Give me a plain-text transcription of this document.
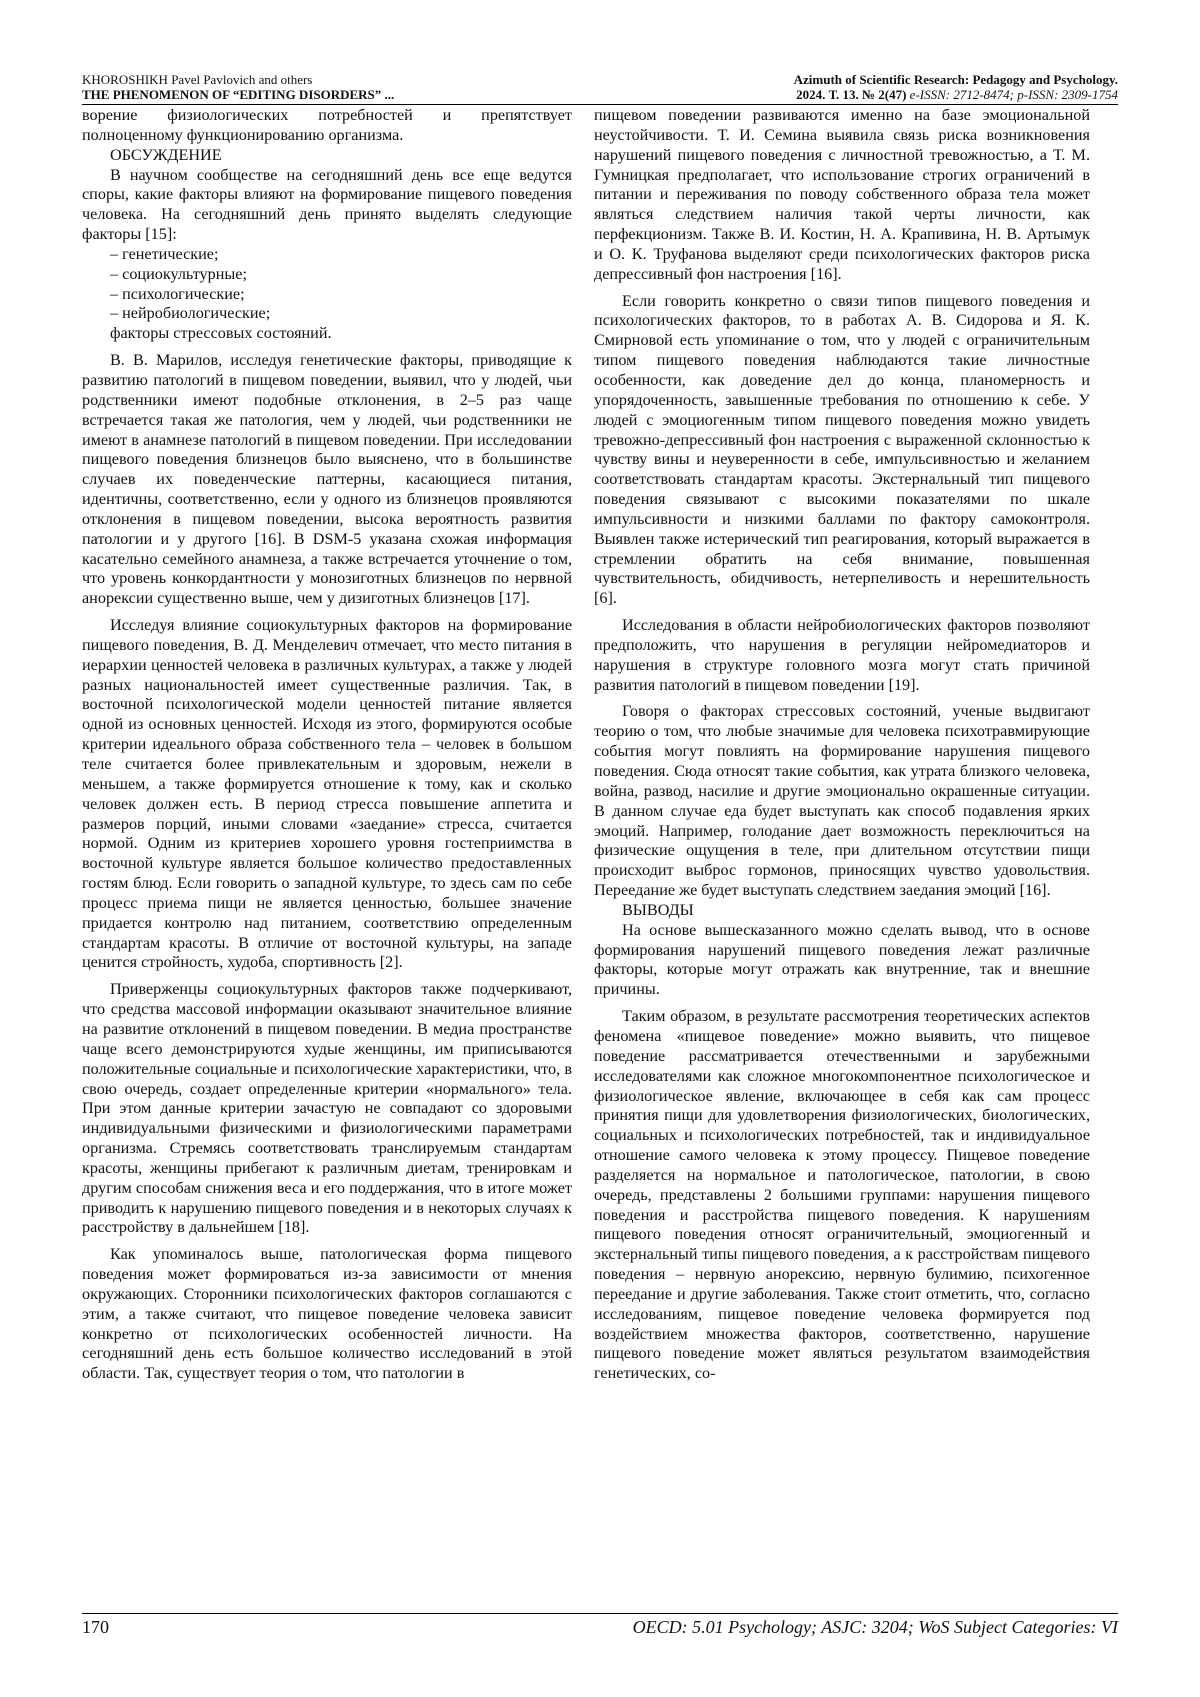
KHOROSHIKH Pavel Pavlovich and others
THE PHENOMENON OF “EDITING DISORDERS” ...
Azimuth of Scientific Research: Pedagogy and Psychology.
2024. Т. 13. № 2(47) e-ISSN: 2712-8474; p-ISSN: 2309-1754

ворение физиологических потребностей и препятствует полноценному функционированию организма.

ОБСУЖДЕНИЕ

В научном сообществе на сегодняшний день все еще ведутся споры, какие факторы влияют на формирование пищевого поведения человека. На сегодняшний день принято выделять следующие факторы [15]:

– генетические;

– социокультурные;

– психологические;

– нейробиологические;

факторы стрессовых состояний.

В. В. Марилов, исследуя генетические факторы, приводящие к развитию патологий в пищевом поведении, выявил, что у людей, чьи родственники имеют подобные отклонения, в 2–5 раз чаще встречается такая же патология, чем у людей, чьи родственники не имеют в анамнезе патологий в пищевом поведении. При исследовании пищевого поведения близнецов было выяснено, что в большинстве случаев их поведенческие паттерны, касающиеся питания, идентичны, соответственно, если у одного из близнецов проявляются отклонения в пищевом поведении, высока вероятность развития патологии и у другого [16]. В DSM-5 указана схожая информация касательно семейного анамнеза, а также встречается уточнение о том, что уровень конкордантности у монозиготных близнецов по нервной анорексии существенно выше, чем у дизиготных близнецов [17].

Исследуя влияние социокультурных факторов на формирование пищевого поведения, В. Д. Менделевич отмечает, что место питания в иерархии ценностей человека в различных культурах, а также у людей разных национальностей имеет существенные различия. Так, в восточной психологической модели ценностей питание является одной из основных ценностей. Исходя из этого, формируются особые критерии идеального образа собственного тела – человек в большом теле считается более привлекательным и здоровым, нежели в меньшем, а также формируется отношение к тому, как и сколько человек должен есть. В период стресса повышение аппетита и размеров порций, иными словами «заедание» стресса, считается нормой. Одним из критериев хорошего уровня гостеприимства в восточной культуре является большое количество предоставленных гостям блюд. Если говорить о западной культуре, то здесь сам по себе процесс приема пищи не является ценностью, большее значение придается контролю над питанием, соответствию определенным стандартам красоты. В отличие от восточной культуры, на западе ценится стройность, худоба, спортивность [2].

Приверженцы социокультурных факторов также подчеркивают, что средства массовой информации оказывают значительное влияние на развитие отклонений в пищевом поведении. В медиа пространстве чаще всего демонстрируются худые женщины, им приписываются положительные социальные и психологические характеристики, что, в свою очередь, создает определенные критерии «нормального» тела. При этом данные критерии зачастую не совпадают со здоровыми индивидуальными физическими и физиологическими параметрами организма. Стремясь соответствовать транслируемым стандартам красоты, женщины прибегают к различным диетам, тренировкам и другим способам снижения веса и его поддержания, что в итоге может приводить к нарушению пищевого поведения и в некоторых случаях к расстройству в дальнейшем [18].

Как упоминалось выше, патологическая форма пищевого поведения может формироваться из-за зависимости от мнения окружающих. Сторонники психологических факторов соглашаются с этим, а также считают, что пищевое поведение человека зависит конкретно от психологических особенностей личности. На сегодняшний день есть большое количество исследований в этой области. Так, существует теория о том, что патологии в

пищевом поведении развиваются именно на базе эмоциональной неустойчивости. Т. И. Семина выявила связь риска возникновения нарушений пищевого поведения с личностной тревожностью, а Т. М. Гумницкая предполагает, что использование строгих ограничений в питании и переживания по поводу собственного образа тела может являться следствием наличия такой черты личности, как перфекционизм. Также В. И. Костин, Н. А. Крапивина, Н. В. Артымук и О. К. Труфанова выделяют среди психологических факторов риска депрессивный фон настроения [16].

Если говорить конкретно о связи типов пищевого поведения и психологических факторов, то в работах А. В. Сидорова и Я. К. Смирновой есть упоминание о том, что у людей с ограничительным типом пищевого поведения наблюдаются такие личностные особенности, как доведение дел до конца, планомерность и упорядоченность, завышенные требования по отношению к себе. У людей с эмоциогенным типом пищевого поведения можно увидеть тревожно-депрессивный фон настроения с выраженной склонностью к чувству вины и неуверенности в себе, импульсивностью и желанием соответствовать стандартам красоты. Экстернальный тип пищевого поведения связывают с высокими показателями по шкале импульсивности и низкими баллами по фактору самоконтроля. Выявлен также истерический тип реагирования, который выражается в стремлении обратить на себя внимание, повышенная чувствительность, обидчивость, нетерпеливость и нерешительность [6].

Исследования в области нейробиологических факторов позволяют предположить, что нарушения в регуляции нейромедиаторов и нарушения в структуре головного мозга могут стать причиной развития патологий в пищевом поведении [19].

Говоря о факторах стрессовых состояний, ученые выдвигают теорию о том, что любые значимые для человека психотравмирующие события могут повлиять на формирование нарушения пищевого поведения. Сюда относят такие события, как утрата близкого человека, война, развод, насилие и другие эмоционально окрашенные ситуации. В данном случае еда будет выступать как способ подавления ярких эмоций. Например, голодание дает возможность переключиться на физические ощущения в теле, при длительном отсутствии пищи происходит выброс гормонов, приносящих чувство удовольствия. Переедание же будет выступать следствием заедания эмоций [16].

ВЫВОДЫ

На основе вышесказанного можно сделать вывод, что в основе формирования нарушений пищевого поведения лежат различные факторы, которые могут отражать как внутренние, так и внешние причины.

Таким образом, в результате рассмотрения теоретических аспектов феномена «пищевое поведение» можно выявить, что пищевое поведение рассматривается отечественными и зарубежными исследователями как сложное многокомпонентное психологическое и физиологическое явление, включающее в себя как сам процесс принятия пищи для удовлетворения физиологических, биологических, социальных и психологических потребностей, так и индивидуальное отношение самого человека к этому процессу. Пищевое поведение разделяется на нормальное и патологическое, патологии, в свою очередь, представлены 2 большими группами: нарушения пищевого поведения и расстройства пищевого поведения. К нарушениям пищевого поведения относят ограничительный, эмоциогенный и экстернальный типы пищевого поведения, а к расстройствам пищевого поведения – нервную анорексию, нервную булимию, психогенное переедание и другие заболевания. Также стоит отметить, что, согласно исследованиям, пищевое поведение человека формируется под воздействием множества факторов, соответственно, нарушение пищевого поведение может являться результатом взаимодействия генетических, со-

170	OECD: 5.01 Psychology; ASJC: 3204; WoS Subject Categories: VI
